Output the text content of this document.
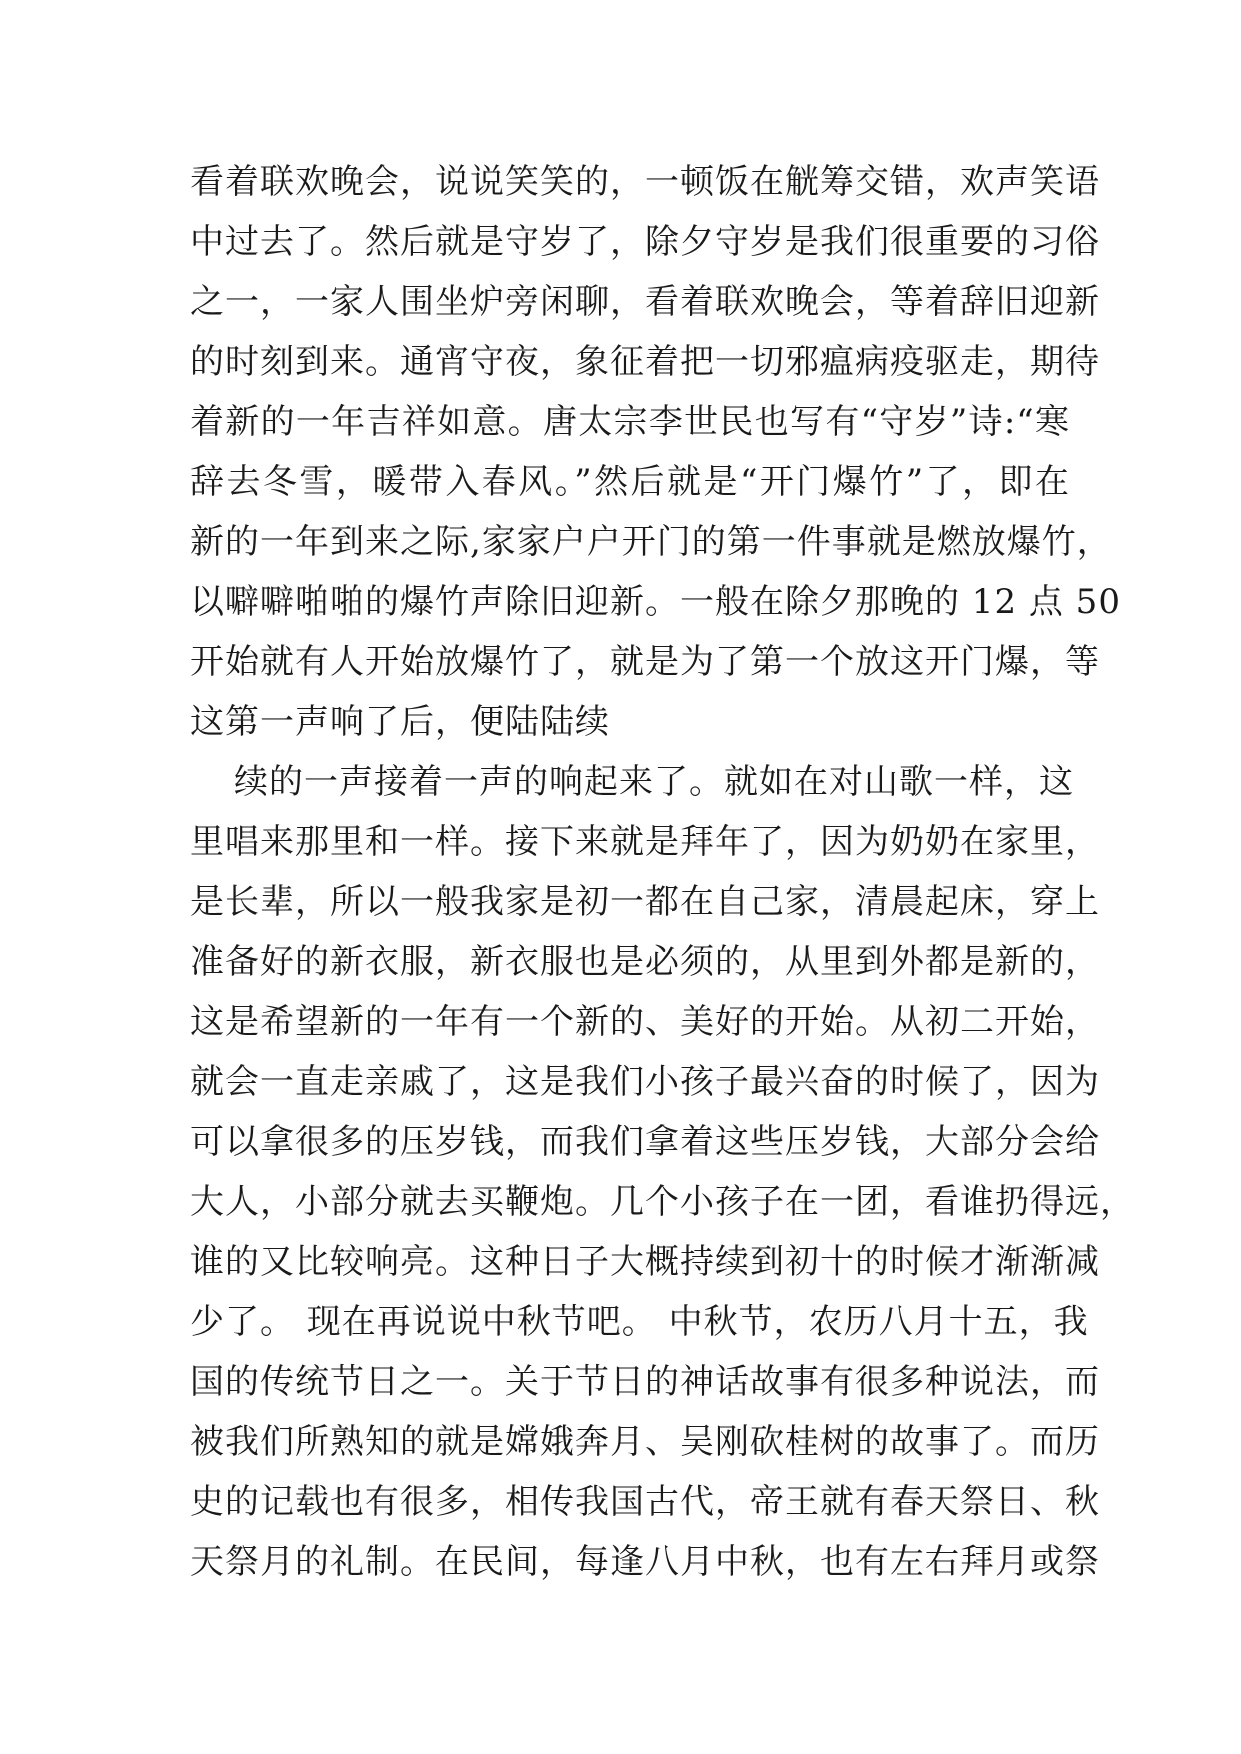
看着联欢晚会，说说笑笑的，一顿饭在觥筹交错，欢声笑语
中过去了。然后就是守岁了，除夕守岁是我们很重要的习俗
之一，一家人围坐炉旁闲聊，看着联欢晚会，等着辞旧迎新
的时刻到来。通宵守夜，象征着把一切邪瘟病疫驱走，期待
着新的一年吉祥如意。唐太宗李世民也写有“守岁”诗:“寒
辞去冬雪，暖带入春风。”然后就是“开门爆竹”了，即在
新的一年到来之际,家家户户开门的第一件事就是燃放爆竹，
以噼噼啪啪的爆竹声除旧迎新。一般在除夕那晚的 12 点 50
开始就有人开始放爆竹了，就是为了第一个放这开门爆，等
这第一声响了后，便陆陆续
续的一声接着一声的响起来了。就如在对山歌一样，这
里唱来那里和一样。接下来就是拜年了，因为奶奶在家里，
是长辈，所以一般我家是初一都在自己家，清晨起床，穿上
准备好的新衣服，新衣服也是必须的，从里到外都是新的，
这是希望新的一年有一个新的、美好的开始。从初二开始，
就会一直走亲戚了，这是我们小孩子最兴奋的时候了，因为
可以拿很多的压岁钱，而我们拿着这些压岁钱，大部分会给
大人，小部分就去买鞭炮。几个小孩子在一团，看谁扔得远，
谁的又比较响亮。这种日子大概持续到初十的时候才渐渐减
少了。 现在再说说中秋节吧。 中秋节，农历八月十五，我
国的传统节日之一。关于节日的神话故事有很多种说法，而
被我们所熟知的就是嫦娥奔月、吴刚砍桂树的故事了。而历
史的记载也有很多，相传我国古代，帝王就有春天祭日、秋
天祭月的礼制。在民间，每逢八月中秋，也有左右拜月或祭
